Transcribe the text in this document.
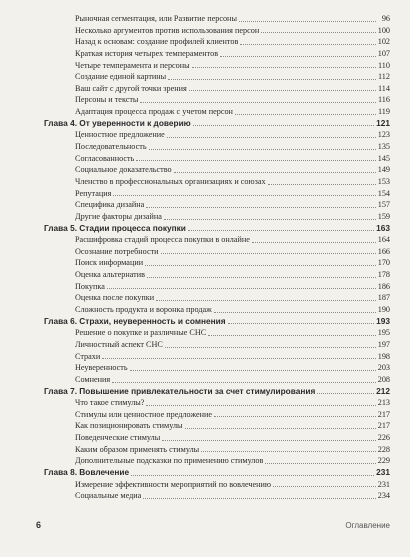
Рыночная сегментация, или Развитие персоны	96
Несколько аргументов против использования персон	100
Назад к основам: создание профилей клиентов	102
Краткая история четырех темпераментов	107
Четыре темперамента и персоны	110
Создание единой картины	112
Ваш сайт с другой точки зрения	114
Персоны и тексты	116
Адаптация процесса продаж с учетом персон	119
Глава 4. От уверенности к доверию	121
Ценностное предложение	123
Последовательность	135
Согласованность	145
Социальное доказательство	149
Членство в профессиональных организациях и союзах	153
Репутация	154
Специфика дизайна	157
Другие факторы дизайна	159
Глава 5. Стадии процесса покупки	163
Расшифровка стадий процесса покупки в онлайне	164
Осознание потребности	166
Поиск информации	170
Оценка альтернатив	178
Покупка	186
Оценка после покупки	187
Сложность продукта и воронка продаж	190
Глава 6. Страхи, неуверенность и сомнения	193
Решение о покупке и различные СНС	195
Личностный аспект СНС	197
Страхи	198
Неуверенность	203
Сомнения	208
Глава 7. Повышение привлекательности за счет стимулирования	212
Что такое стимулы?	213
Стимулы или ценностное предложение	217
Как позиционировать стимулы	217
Поведенческие стимулы	226
Каким образом применять стимулы	228
Дополнительные подсказки по применению стимулов	229
Глава 8. Вовлечение	231
Измерение эффективности мероприятий по вовлечению	231
Социальные медиа	234
6	Оглавление
